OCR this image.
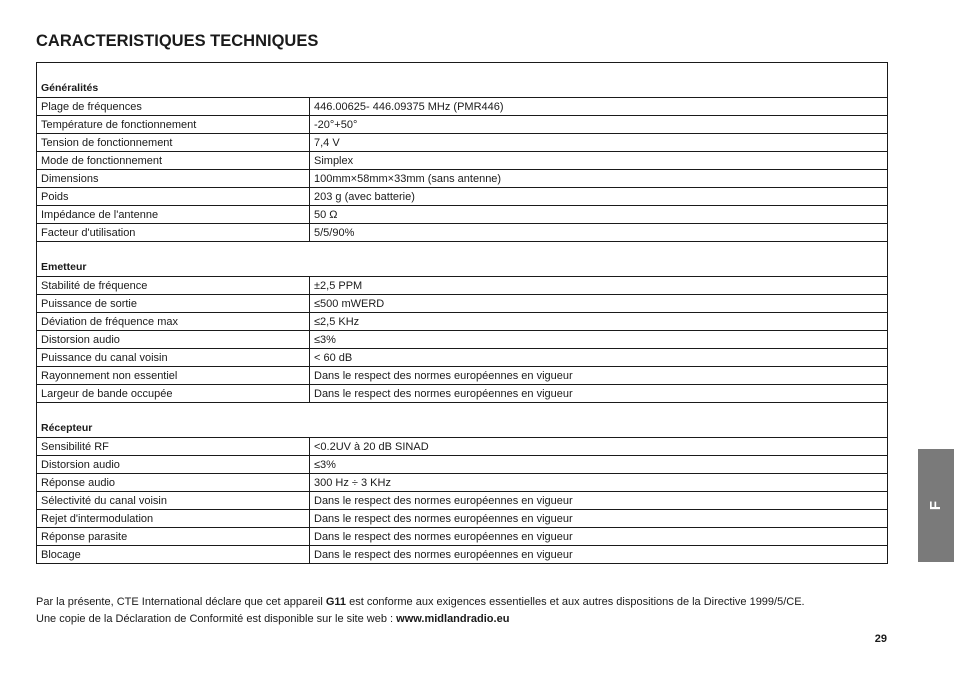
CARACTERISTIQUES TECHNIQUES
Généralités	
Plage de fréquences	446.00625- 446.09375 MHz (PMR446)
Température de fonctionnement	-20°+50°
Tension de fonctionnement	7,4 V
Mode de fonctionnement	Simplex
Dimensions	100mm×58mm×33mm (sans antenne)
Poids	203 g (avec batterie)
Impédance de l'antenne	50 Ω
Facteur d'utilisation	5/5/90%
Emetteur	
Stabilité de fréquence	±2,5 PPM
Puissance de sortie	≤500 mWERD
Déviation de fréquence max	≤2,5 KHz
Distorsion audio	≤3%
Puissance du canal voisin	< 60 dB
Rayonnement non essentiel	Dans le respect des normes européennes en vigueur
Largeur de bande occupée	Dans le respect des normes européennes en vigueur
Récepteur	
Sensibilité RF	<0.2UV à 20 dB SINAD
Distorsion audio	≤3%
Réponse audio	300 Hz ÷ 3 KHz
Sélectivité du canal voisin	Dans le respect des normes européennes en vigueur
Rejet d'intermodulation	Dans le respect des normes européennes en vigueur
Réponse parasite	Dans le respect des normes européennes en vigueur
Blocage	Dans le respect des normes européennes en vigueur
F

Par la présente, CTE International déclare que cet appareil G11 est conforme aux exigences essentielles et aux autres dispositions de la Directive 1999/5/CE.

Une copie de la Déclaration de Conformité est disponible sur le site web : www.midlandradio.eu

29
